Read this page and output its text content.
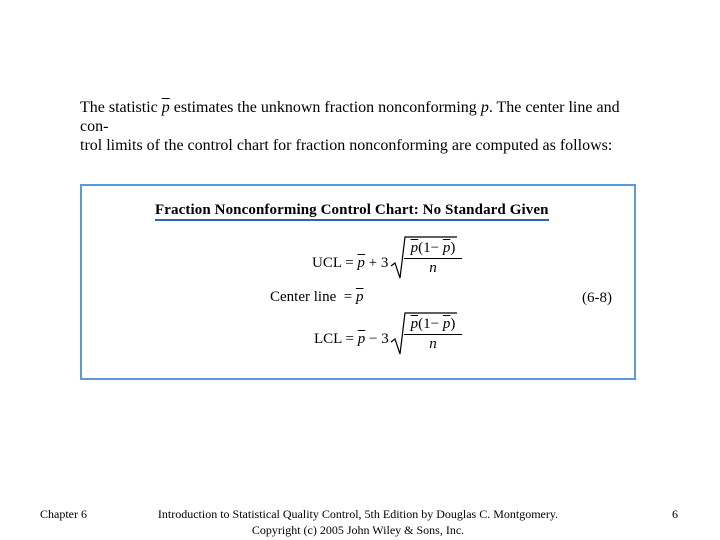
The statistic $\overline{p}$ estimates the unknown fraction nonconforming p. The center line and con-
trol limits of the control chart for fraction nonconforming are computed as follows:
Fraction Nonconforming Control Chart: No Standard Given
UCL = $\overline{p} + 3 \frac{\overline{p}(1- \overline{p})}{n}$
Center line = $\overline{p}$	(6-8)
LCL = $\overline{p} - 3 \frac{\overline{p}(1- \overline{p})}{n}$
Chapter 6	Introduction to Statistical Quality Control, 5th Edition by Douglas C. Montgomery.
Copyright (c) 2005 John Wiley & Sons, Inc.
6
